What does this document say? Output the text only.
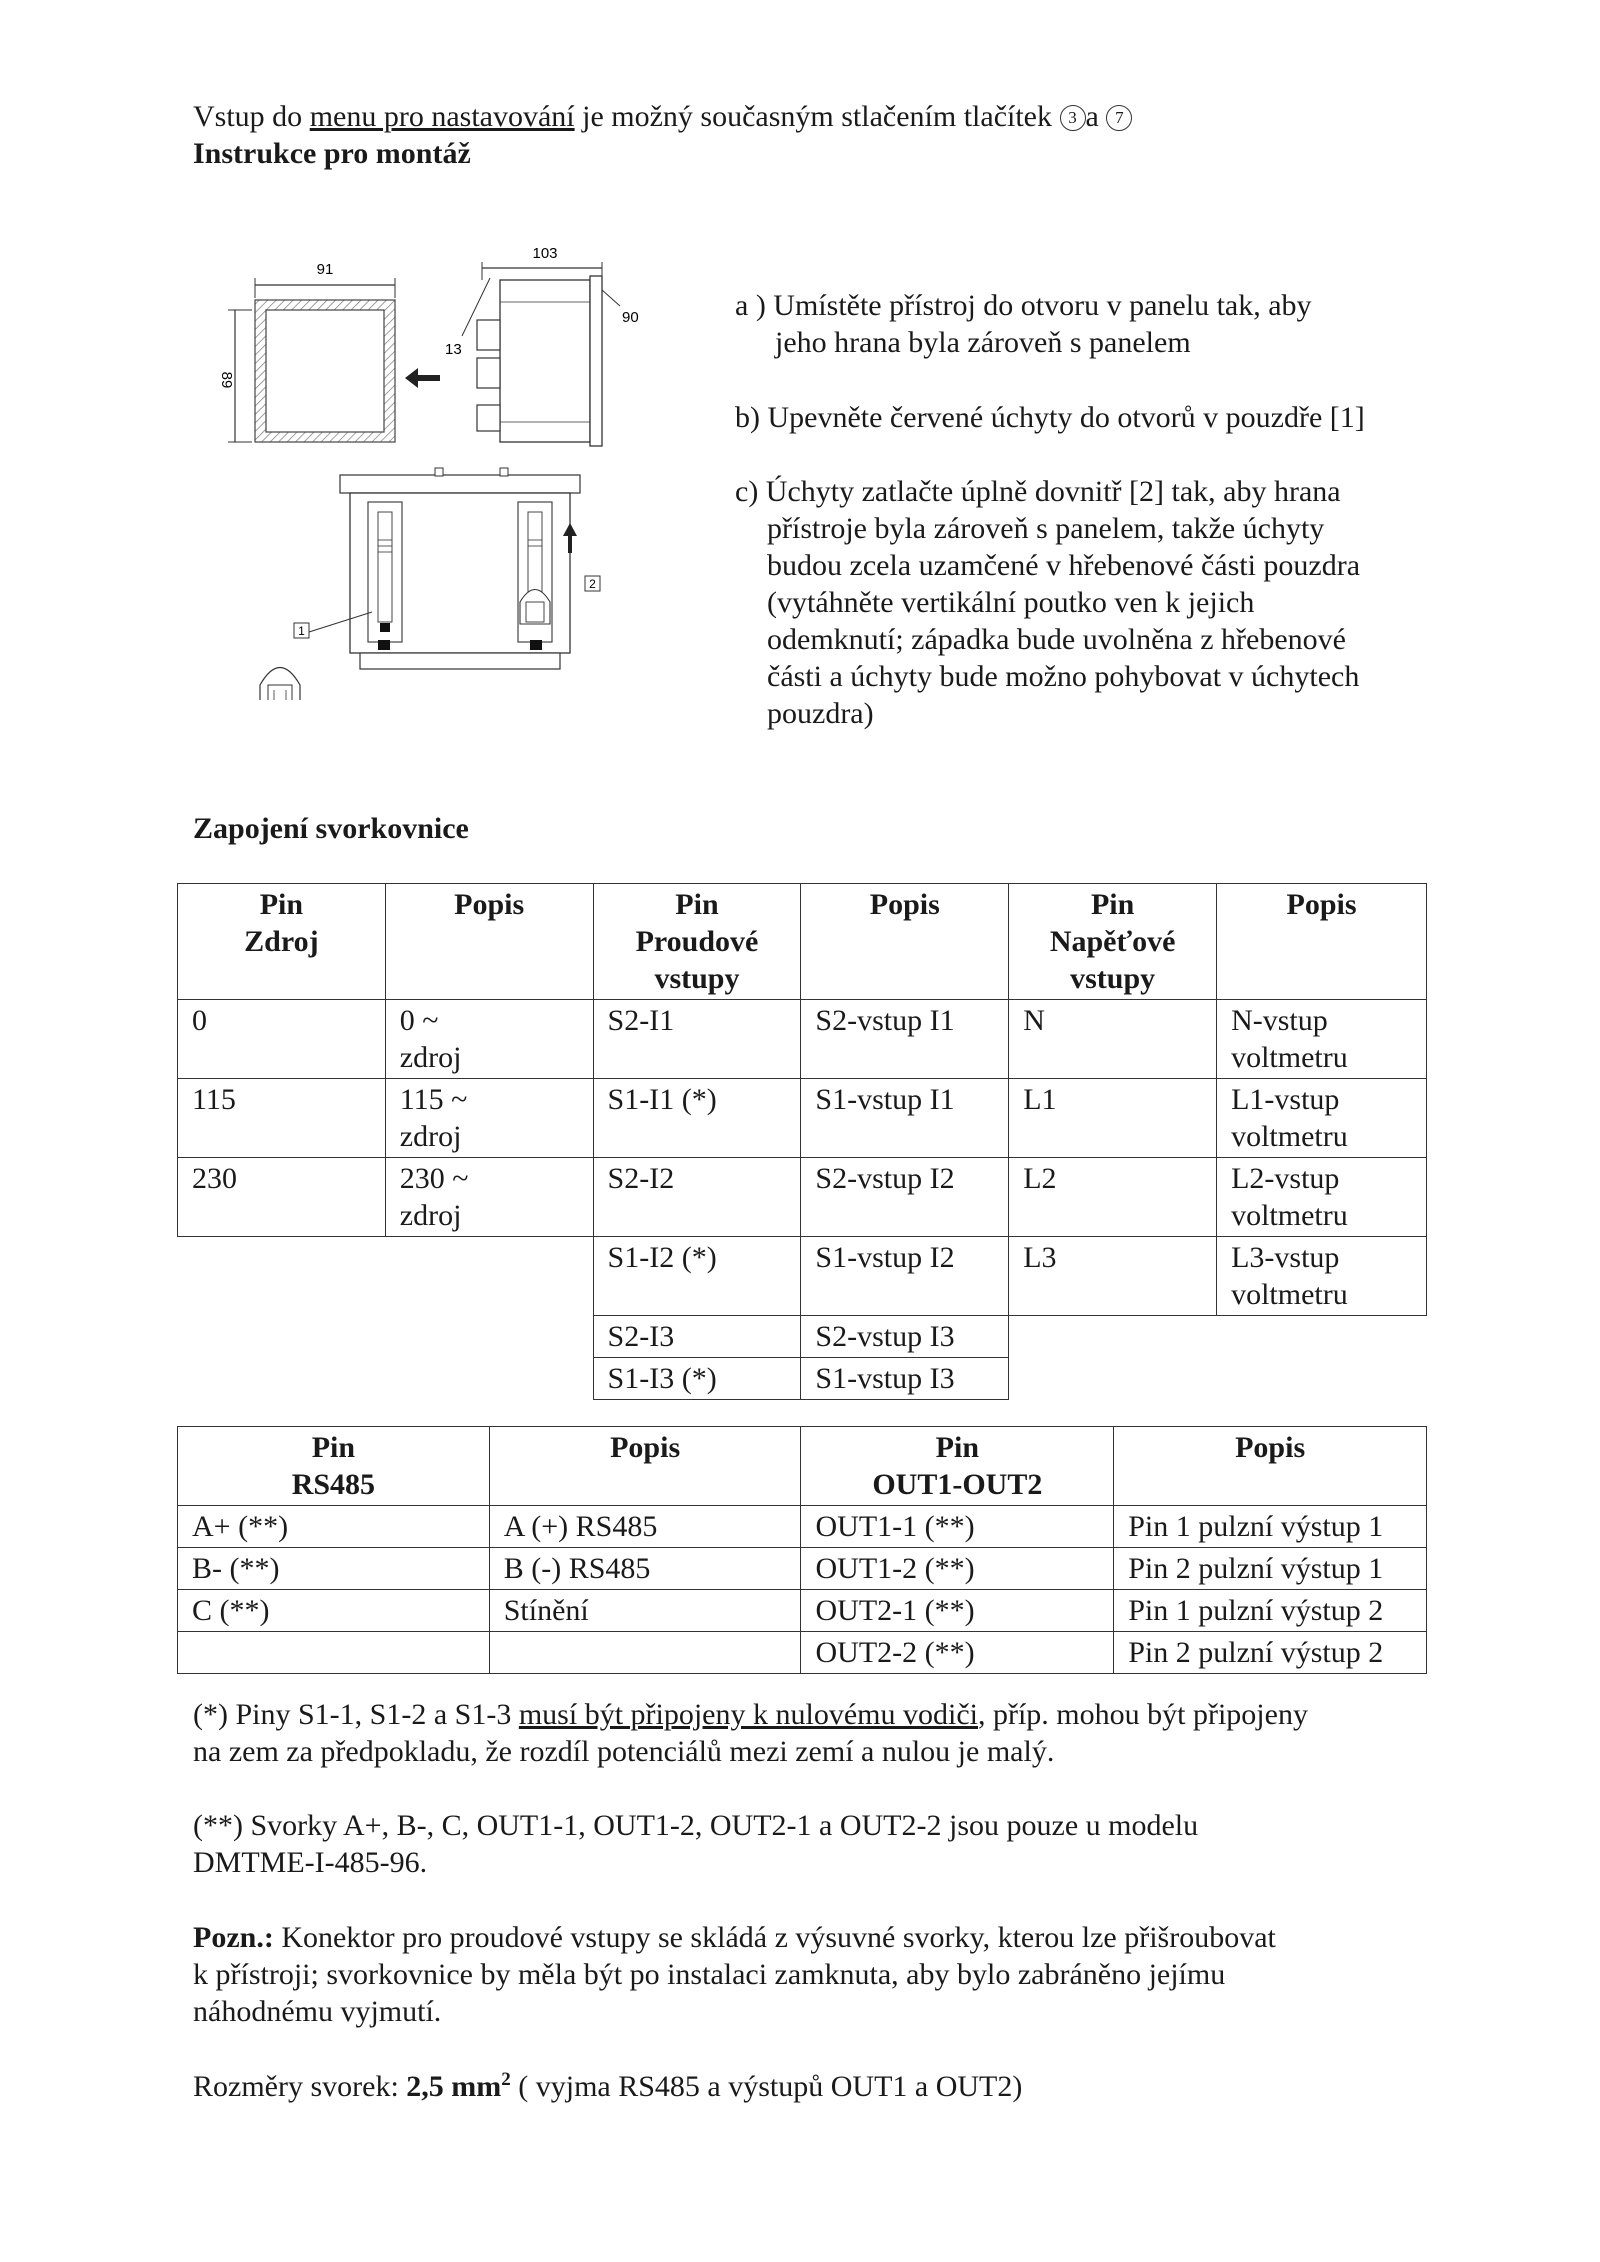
Vstup do menu pro nastavování je možný současným stlačením tlačítek 3 a 7
Instrukce pro montáž
91
89
103
90
13
1
2
a ) Umístěte přístroj do otvoru v panelu tak, aby
jeho hrana byla zároveň s panelem
b) Upevněte červené úchyty do otvorů v pouzdře [1]
c) Úchyty zatlačte úplně dovnitř [2] tak, aby hrana
přístroje byla zároveň s panelem, takže úchyty
budou zcela uzamčené v hřebenové části pouzdra
(vytáhněte vertikální poutko ven k jejich
odemknutí; západka bude uvolněna z hřebenové
části a úchyty bude možno pohybovat v úchytech
pouzdra)
Zapojení svorkovnice
Pin
Zdroj	Popis	Pin
Proudové
vstupy	Popis	Pin
Napěťové
vstupy	Popis
0	0 ~
zdroj	S2-I1	S2-vstup I1	N	N-vstup
voltmetru
115	115 ~
zdroj	S1-I1 (*)	S1-vstup I1	L1	L1-vstup
voltmetru
230	230 ~
zdroj	S2-I2	S2-vstup I2	L2	L2-vstup
voltmetru
		S1-I2 (*)	S1-vstup I2	L3	L3-vstup
voltmetru
		S2-I3	S2-vstup I3		
		S1-I3 (*)	S1-vstup I3		
Pin
RS485	Popis	Pin
OUT1-OUT2	Popis
A+ (**)	A (+) RS485	OUT1-1 (**)	Pin 1 pulzní výstup 1
B- (**)	B (-) RS485	OUT1-2 (**)	Pin 2 pulzní výstup 1
C (**)	Stínění	OUT2-1 (**)	Pin 1 pulzní výstup 2
		OUT2-2 (**)	Pin 2 pulzní výstup 2
(*) Piny S1-1, S1-2 a S1-3 musí být připojeny k nulovému vodiči, příp. mohou být připojeny
na zem za předpokladu, že rozdíl potenciálů mezi zemí a nulou je malý.
(**) Svorky A+, B-, C, OUT1-1, OUT1-2, OUT2-1 a OUT2-2 jsou pouze u modelu
DMTME-I-485-96.
Pozn.: Konektor pro proudové vstupy se skládá z výsuvné svorky, kterou lze přišroubovat
k přístroji; svorkovnice by měla být po instalaci zamknuta, aby bylo zabráněno jejímu
náhodnému vyjmutí.
Rozměry svorek: 2,5 $mm^2$ ( vyjma RS485 a výstupů OUT1 a OUT2)
